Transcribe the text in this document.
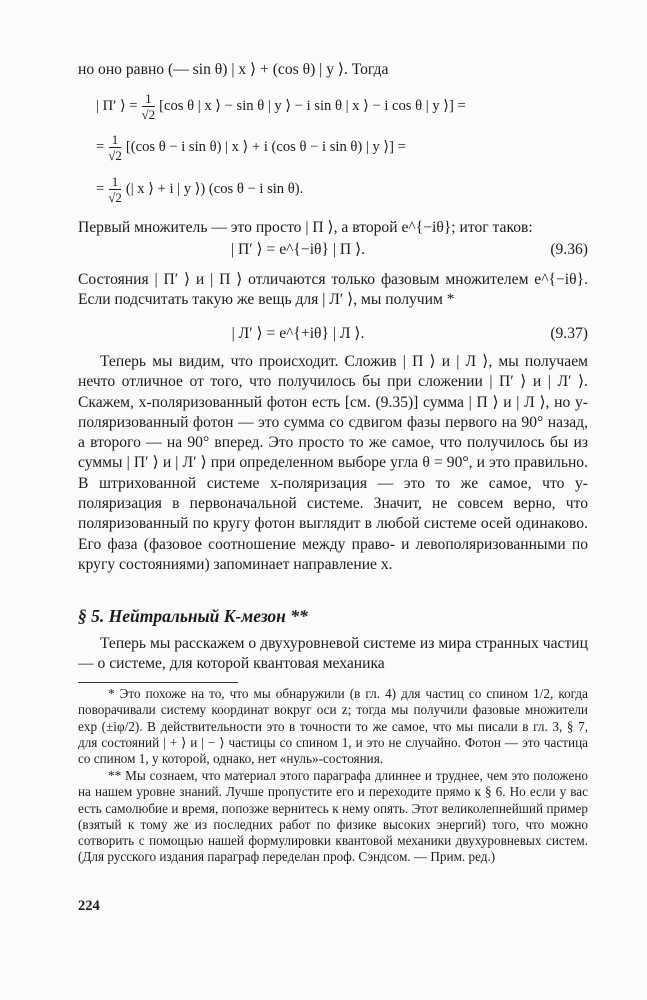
но оно равно (— sin θ) | x ⟩ + (cos θ) | y ⟩. Тогда
| П′ ⟩ = $\frac{1}{√2} [\cos$ θ | x ⟩ − sin θ | y ⟩ − i sin θ | x ⟩ − i cos θ | y ⟩] =
= $\frac{1}{√2} [(\cos$ θ − i sin θ) | x ⟩ + i (cos θ − i sin θ) | y ⟩] =
= $\frac{1}{√2}$ (| x ⟩ + i | y ⟩) (cos θ − i sin θ).

Первый множитель — это просто | П ⟩, а второй e^{−iθ}; итог таков:

| П′ ⟩ = e^{−iθ} | П ⟩.	(9.36)

Состояния | П′ ⟩ и | П ⟩ отличаются только фазовым множителем e^{−iθ}. Если подсчитать такую же вещь для | Л′ ⟩, мы получим *

| Л′ ⟩ = e^{+iθ} | Л ⟩.	(9.37)

Теперь мы видим, что происходит. Сложив | П ⟩ и | Л ⟩, мы получаем нечто отличное от того, что получилось бы при сложении | П′ ⟩ и | Л′ ⟩. Скажем, x-поляризованный фотон есть [см. (9.35)] сумма | П ⟩ и | Л ⟩, но y-поляризованный фотон — это сумма со сдвигом фазы первого на 90° назад, а второго — на 90° вперед. Это просто то же самое, что получилось бы из суммы | П′ ⟩ и | Л′ ⟩ при определенном выборе угла θ = 90°, и это правильно. В штрихованной системе x-поляризация — это то же самое, что y-поляризация в первоначальной системе. Значит, не совсем верно, что поляризованный по кругу фотон выглядит в любой системе осей одинаково. Его фаза (фазовое соотношение между право- и левополяризованными по кругу состояниями) запоминает направление x.

§ 5. Нейтральный K-мезон **

Теперь мы расскажем о двухуровневой системе из мира странных частиц — о системе, для которой квантовая механика

* Это похоже на то, что мы обнаружили (в гл. 4) для частиц со спином 1/2, когда поворачивали систему координат вокруг оси z; тогда мы получили фазовые множители exp (±iφ/2). В действительности это в точности то же самое, что мы писали в гл. 3, § 7, для состояний | + ⟩ и | − ⟩ частицы со спином 1, и это не случайно. Фотон — это частица со спином 1, у которой, однако, нет «нуль»-состояния.

** Мы сознаем, что материал этого параграфа длиннее и труднее, чем это положено на нашем уровне знаний. Лучше пропустите его и переходите прямо к § 6. Но если у вас есть самолюбие и время, попозже вернитесь к нему опять. Этот великолепнейший пример (взятый к тому же из последних работ по физике высоких энергий) того, что можно сотворить с помощью нашей формулировки квантовой механики двухуровневых систем. (Для русского издания параграф переделан проф. Сэндсом. — Прим. ред.)

224
